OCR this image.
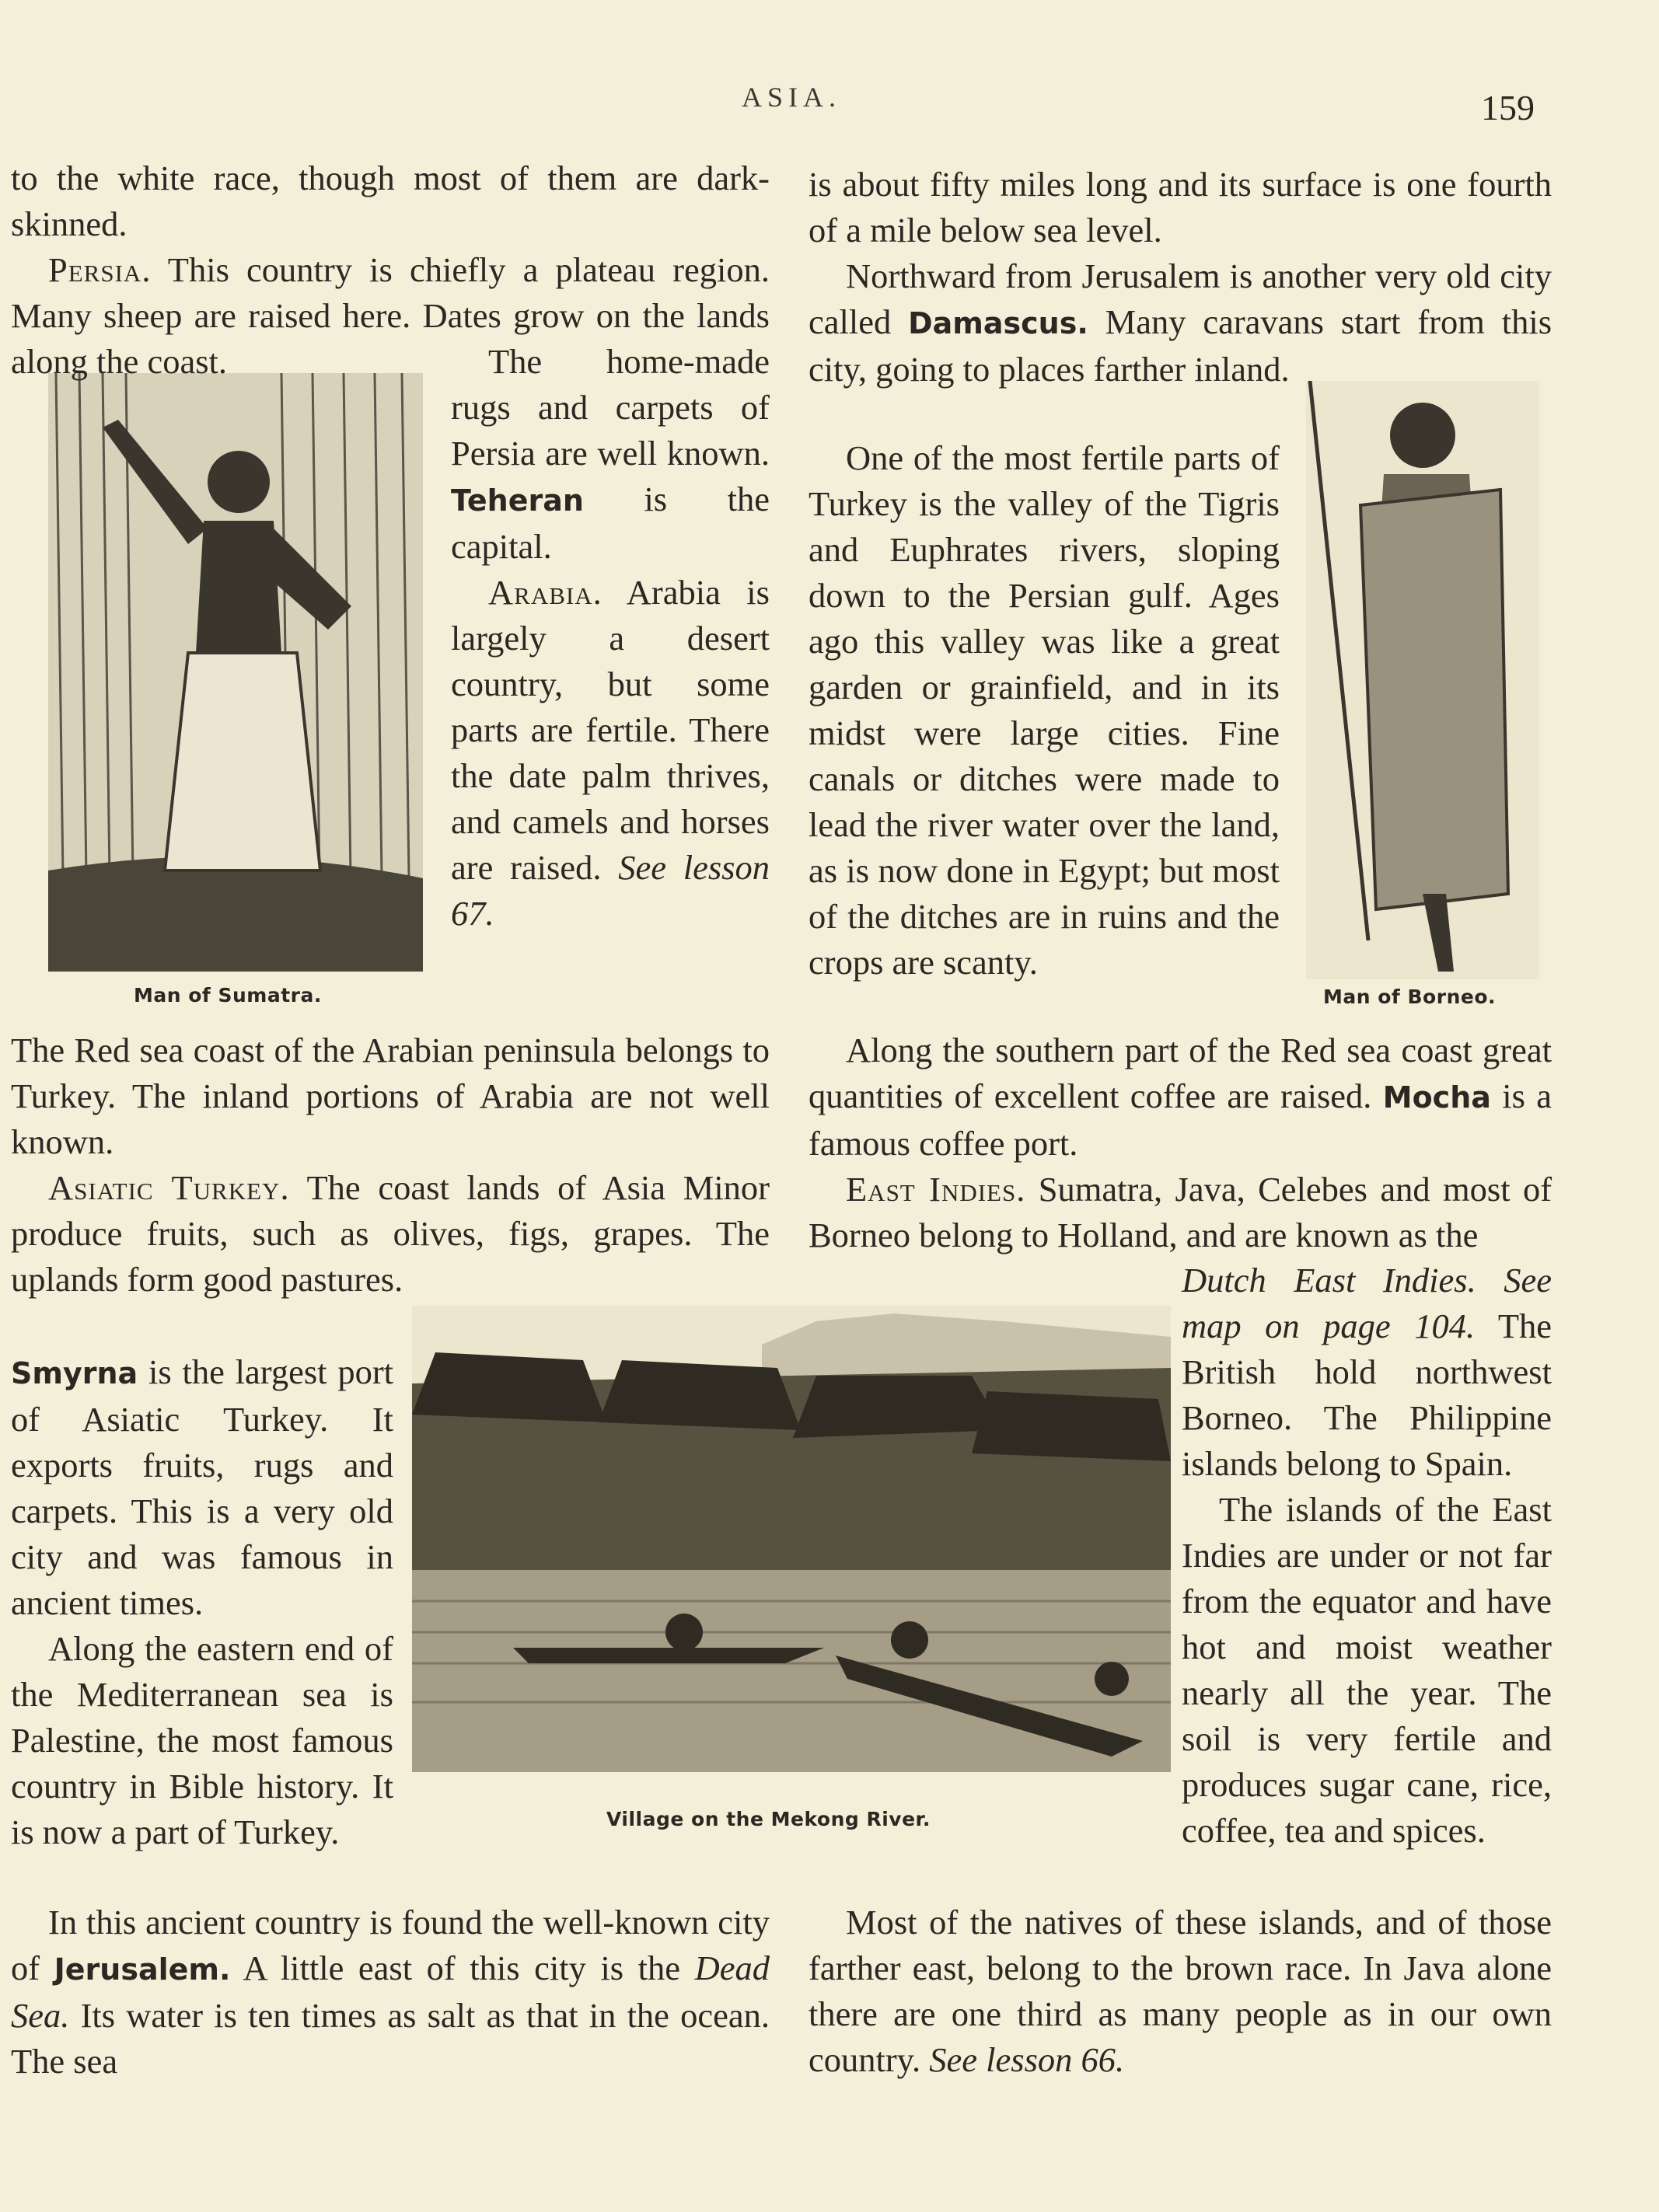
ASIA.	159
Man of Sumatra.	Man of Borneo.
Village on the Mekong River.

to the white race, though most of them are dark-skinned.

Persia. This country is chiefly a plateau region. Many sheep are raised here. Dates grow on the lands along the coast.	The home-made rugs and carpets of Persia are well known. Teheran is the capital.

Arabia. Arabia is largely a desert country, but some parts are fertile. There the date palm thrives, and camels and horses are raised. See lesson 67.

The Red sea coast of the Arabian peninsula belongs to Turkey. The inland portions of Arabia are not well known.

Asiatic Turkey. The coast lands of Asia Minor produce fruits, such as olives, figs, grapes. The uplands form good pastures.

Smyrna is the largest port of Asiatic Turkey. It exports fruits, rugs and carpets. This is a very old city and was famous in ancient times.

Along the eastern end of the Mediterranean sea is Palestine, the most famous country in Bible history. It is now a part of Turkey.

In this ancient country is found the well-known city of Jerusalem. A little east of this city is the Dead Sea. Its water is ten times as salt as that in the ocean. The sea

is about fifty miles long and its surface is one fourth of a mile below sea level.

Northward from Jerusalem is another very old city called Damascus. Many caravans start from this city, going to places farther inland.

One of the most fertile parts of Turkey is the valley of the Tigris and Euphrates rivers, sloping down to the Persian gulf. Ages ago this valley was like a great garden or grainfield, and in its midst were large cities. Fine canals or ditches were made to lead the river water over the land, as is now done in Egypt; but most of the ditches are in ruins and the crops are scanty.

Along the southern part of the Red sea coast great quantities of excellent coffee are raised. Mocha is a famous coffee port.

East Indies. Sumatra, Java, Celebes and most of Borneo belong to Holland, and are known as the

Dutch East Indies. See map on page 104. The British hold northwest Borneo. The Philippine islands belong to Spain.

The islands of the East Indies are under or not far from the equator and have hot and moist weather nearly all the year. The soil is very fertile and produces sugar cane, rice, coffee, tea and spices.

Most of the natives of these islands, and of those farther east, belong to the brown race. In Java alone there are one third as many people as in our own country. See lesson 66.
